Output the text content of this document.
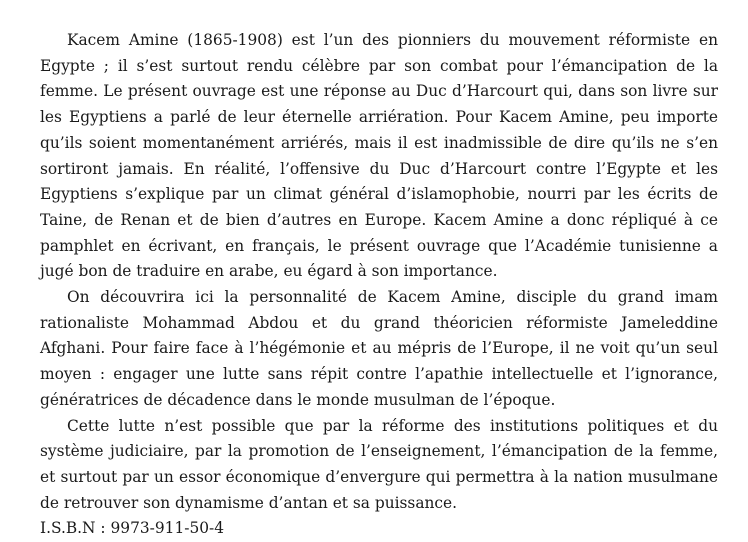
Kacem Amine (1865-1908) est l’un des pionniers du mouvement réformiste en Egypte ; il s’est surtout rendu célèbre par son combat pour l’émancipation de la femme. Le présent ouvrage est une réponse au Duc d’Harcourt qui, dans son livre sur les Egyptiens a parlé de leur éternelle arriération. Pour Kacem Amine, peu importe qu’ils soient momentanément arriérés, mais il est inadmissible de dire qu’ils ne s’en sortiront jamais. En réalité, l’offensive du Duc d’Harcourt contre l’Egypte et les Egyptiens s’explique par un climat général d’islamophobie, nourri par les écrits de Taine, de Renan et de bien d’autres en Europe. Kacem Amine a donc répliqué à ce pamphlet en écrivant, en français, le présent ouvrage que l’Académie tunisienne a jugé bon de traduire en arabe, eu égard à son importance.

On découvrira ici la personnalité de Kacem Amine, disciple du grand imam rationaliste Mohammad Abdou et du grand théoricien réformiste Jameleddine Afghani. Pour faire face à l’hégémonie et au mépris de l’Europe, il ne voit qu’un seul moyen : engager une lutte sans répit contre l’apathie intellectuelle et l’ignorance, génératrices de décadence dans le monde musulman de l’époque.

Cette lutte n’est possible que par la réforme des institutions politiques et du système judiciaire, par la promotion de l’enseignement, l’émancipation de la femme, et surtout par un essor économique d’envergure qui permettra à la nation musulmane de retrouver son dynamisme d’antan et sa puissance.

I.S.B.N : 9973-911-50-4
